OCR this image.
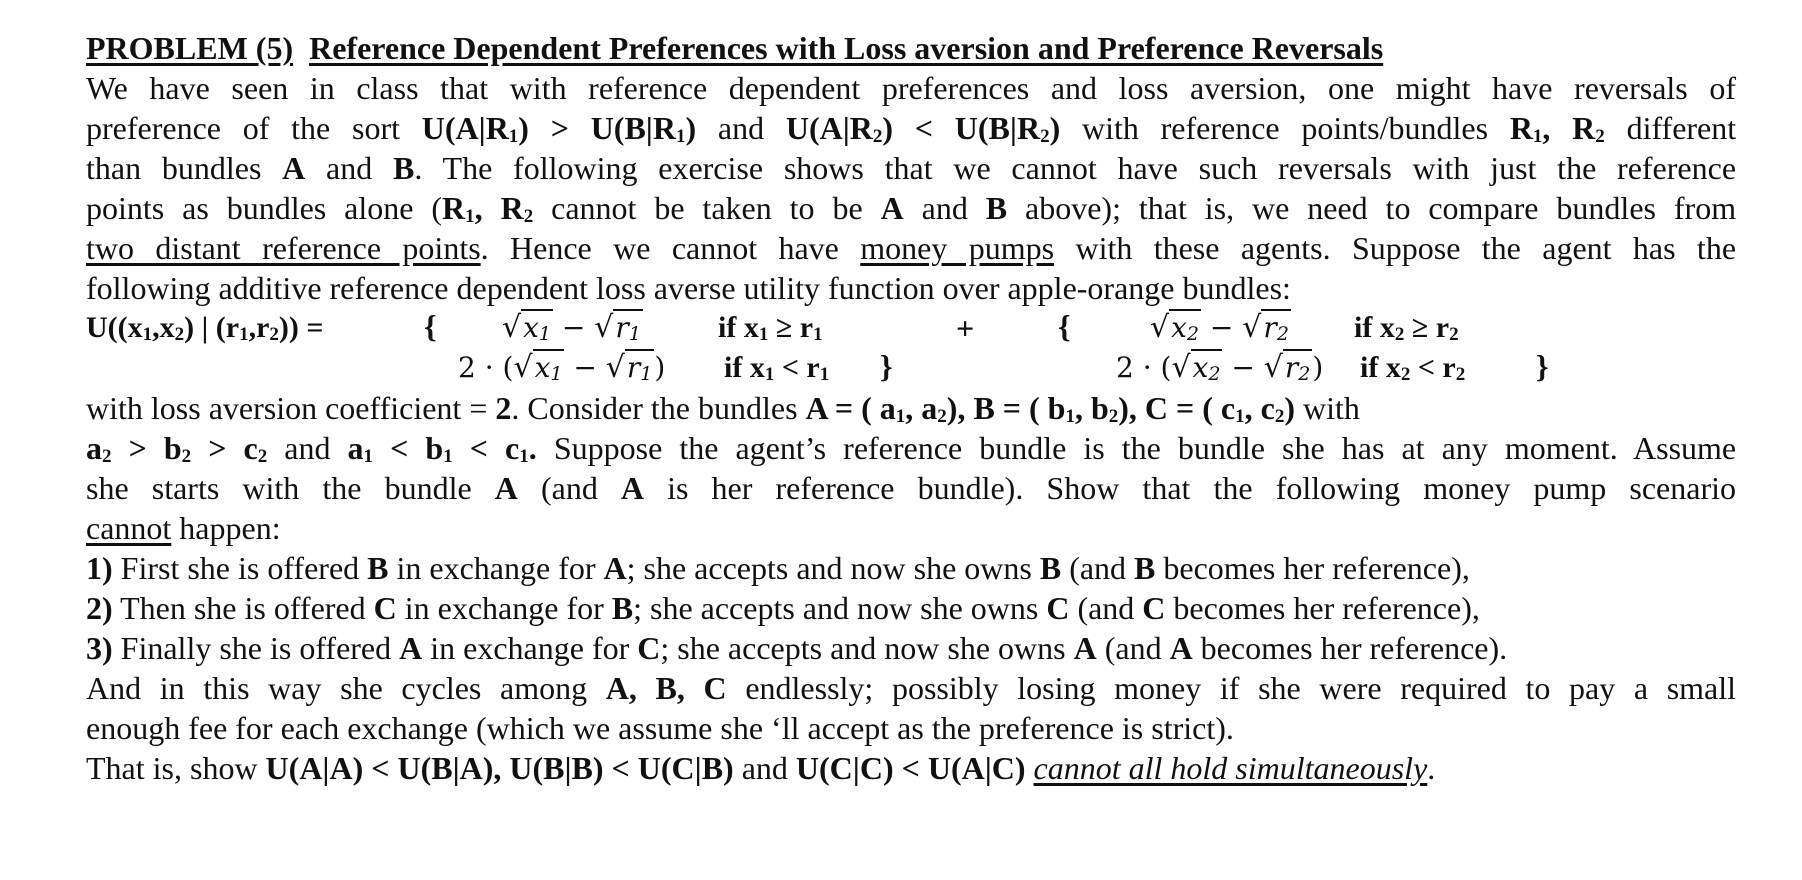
PROBLEM (5) Reference Dependent Preferences with Loss aversion and Preference Reversals
We have seen in class that with reference dependent preferences and loss aversion, one might have reversals of
preference of the sort $U(A|R_1) > U(B|R_1)$ and $U(A|R_2) < U(B|R_2)$ with reference points/bundles $R_1$, $R_2$ different
than bundles A and B. The following exercise shows that we cannot have such reversals with just the reference
points as bundles alone ($R_1$, $R_2$ cannot be taken to be A and B above); that is, we need to compare bundles from
two distant reference points. Hence we cannot have money pumps with these agents. Suppose the agent has the
following additive reference dependent loss averse utility function over apple-orange bundles:
$U((x_1,x_2)$ | $(r_1,r_2)$) =	{ $√x_1 - √r_1$	if $x_1 \ge r_1$	+	{	$√x_2 - √r_2$ if $x_2 \ge r_2$
$2 \cdot (√x_1 - √r_1)$ if $x_1 < r_1$ }	$2 \cdot (√x_2 - √r_2)$ if $x_2 < r_2$ }
with loss aversion coefficient = 2. Consider the bundles A = ( $a_1$, $a_2$), B = ( $b_1$, $b_2$), C = ( $c_1$, $c_2$) with
$a_2 > b_2 > c_2$ and $a_1 < b_1 < c_1$. Suppose the agent’s reference bundle is the bundle she has at any moment. Assume
she starts with the bundle A (and A is her reference bundle). Show that the following money pump scenario
cannot happen:
1) First she is offered B in exchange for A; she accepts and now she owns B (and B becomes her reference),
2) Then she is offered C in exchange for B; she accepts and now she owns C (and C becomes her reference),
3) Finally she is offered A in exchange for C; she accepts and now she owns A (and A becomes her reference).
And in this way she cycles among A, B, C endlessly; possibly losing money if she were required to pay a small
enough fee for each exchange (which we assume she ‘ll accept as the preference is strict).
That is, show U(A|A) < U(B|A), U(B|B) < U(C|B) and U(C|C) < U(A|C) cannot all hold simultaneously.
